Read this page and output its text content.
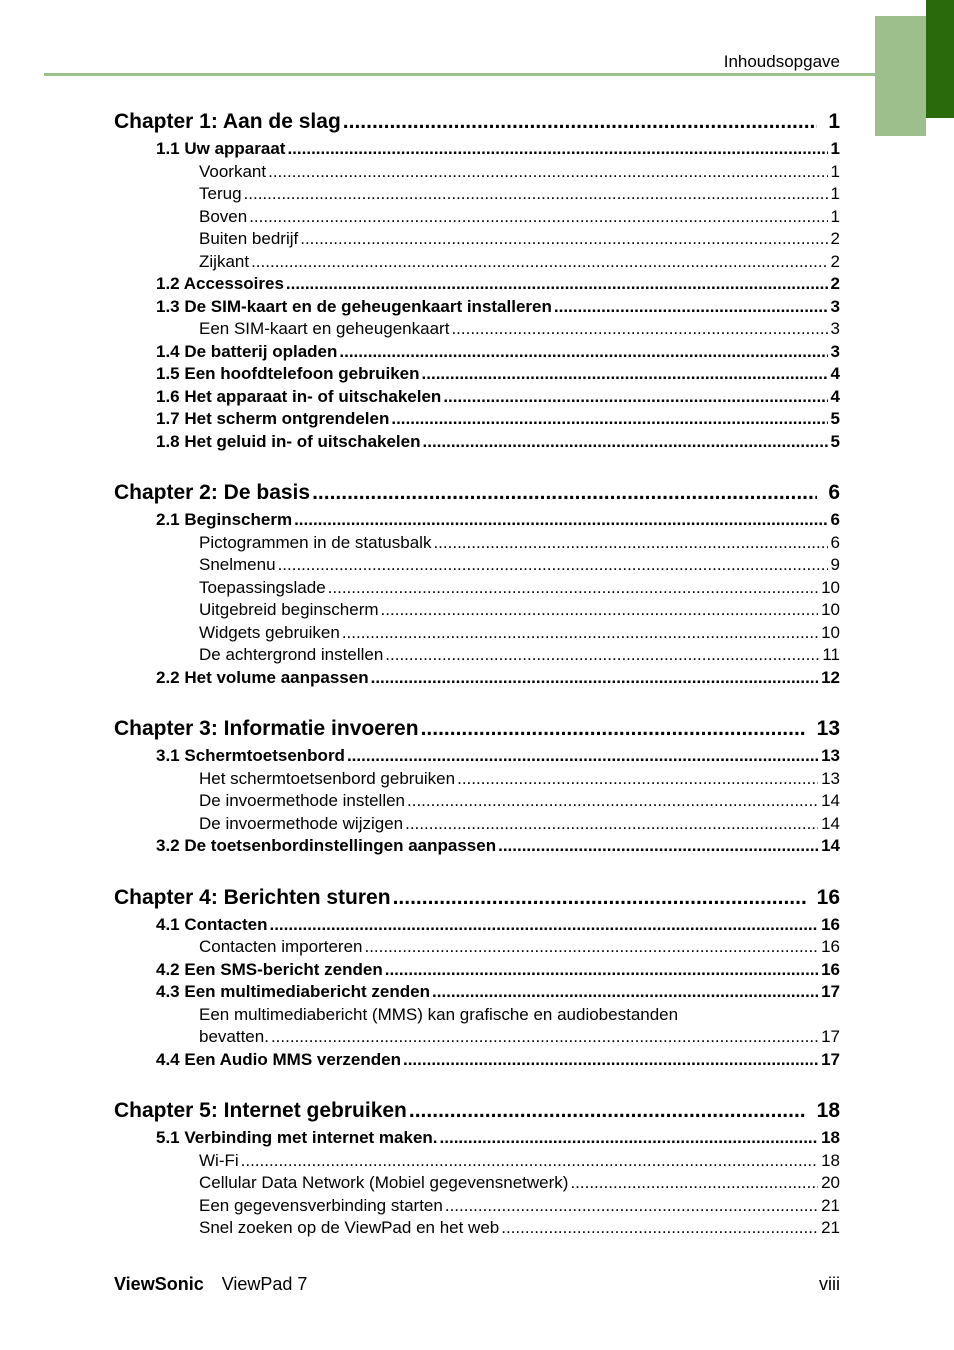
Inhoudsopgave
Chapter 1: Aan de slag .....	1
1.1 Uw apparaat .....	1
Voorkant .....	1
Terug .....	1
Boven .....	1
Buiten bedrijf .....	2
Zijkant .....	2
1.2 Accessoires .....	2
1.3 De SIM-kaart en de geheugenkaart installeren .....	3
Een SIM-kaart en geheugenkaart .....	3
1.4 De batterij opladen .....	3
1.5 Een hoofdtelefoon gebruiken .....	4
1.6 Het apparaat in- of uitschakelen .....	4
1.7 Het scherm ontgrendelen .....	5
1.8 Het geluid in- of uitschakelen .....	5
Chapter 2: De basis .....	6
2.1 Beginscherm .....	6
Pictogrammen in de statusbalk .....	6
Snelmenu .....	9
Toepassingslade .....	10
Uitgebreid beginscherm .....	10
Widgets gebruiken .....	10
De achtergrond instellen .....	11
2.2 Het volume aanpassen .....	12
Chapter 3: Informatie invoeren .....	13
3.1 Schermtoetsenbord .....	13
Het schermtoetsenbord gebruiken .....	13
De invoermethode instellen .....	14
De invoermethode wijzigen .....	14
3.2 De toetsenbordinstellingen aanpassen .....	14
Chapter 4: Berichten sturen .....	16
4.1 Contacten .....	16
Contacten importeren .....	16
4.2 Een SMS-bericht zenden .....	16
4.3 Een multimediabericht zenden .....	17
Een multimediabericht (MMS) kan grafische en audiobestanden
bevatten. .....	17
4.4 Een Audio MMS verzenden .....	17
Chapter 5: Internet gebruiken .....	18
5.1 Verbinding met internet maken. .....	18
Wi-Fi .....	18
Cellular Data Network (Mobiel gegevensnetwerk) .....	20
Een gegevensverbinding starten .....	21
Snel zoeken op de ViewPad en het web .....	21
ViewSonic ViewPad 7	viii
